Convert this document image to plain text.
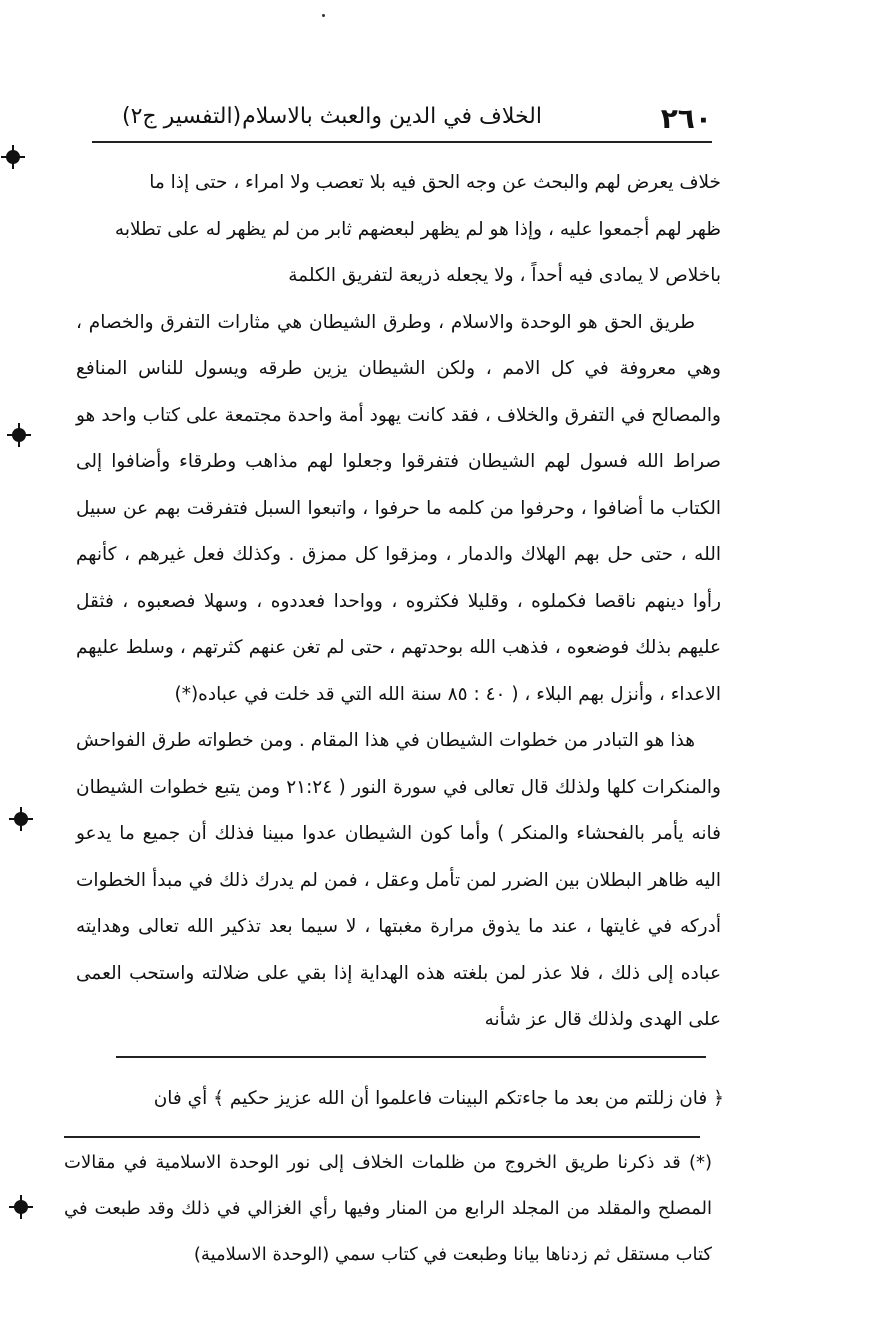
٢٦٠
الخلاف في الدين والعبث بالاسلام
(التفسير ج٢)

خلاف يعرض لهم والبحث عن وجه الحق فيه بلا تعصب ولا امراء ، حتى إذا ما

ظهر لهم أجمعوا عليه ، وإذا هو لم يظهر لبعضهم ثابر من لم يظهر له على تطلابه

باخلاص لا يمادى فيه أحداً ، ولا يجعله ذريعة لتفريق الكلمة

طريق الحق هو الوحدة والاسلام ، وطرق الشيطان هي مثارات التفرق والخصام ، وهي معروفة في كل الامم ، ولكن الشيطان يزين طرقه ويسول للناس المنافع والمصالح في التفرق والخلاف ، فقد كانت يهود أمة واحدة مجتمعة على كتاب واحد هو صراط الله فسول لهم الشيطان فتفرقوا وجعلوا لهم مذاهب وطرقاء وأضافوا إلى الكتاب ما أضافوا ، وحرفوا من كلمه ما حرفوا ، واتبعوا السبل فتفرقت بهم عن سبيل الله ، حتى حل بهم الهلاك والدمار ، ومزقوا كل ممزق . وكذلك فعل غيرهم ، كأنهم رأوا دينهم ناقصا فكملوه ، وقليلا فكثروه ، وواحدا فعددوه ، وسهلا فصعبوه ، فثقل عليهم بذلك فوضعوه ، فذهب الله بوحدتهم ، حتى لم تغن عنهم كثرتهم ، وسلط عليهم الاعداء ، وأنزل بهم البلاء ، ( ٤٠ : ٨٥ سنة الله التي قد خلت في عباده(*)

هذا هو التبادر من خطوات الشيطان في هذا المقام . ومن خطواته طرق الفواحش والمنكرات كلها ولذلك قال تعالى في سورة النور ( ٢١:٢٤ ومن يتبع خطوات الشيطان فانه يأمر بالفحشاء والمنكر ) وأما كون الشيطان عدوا مبينا فذلك أن جميع ما يدعو اليه ظاهر البطلان بين الضرر لمن تأمل وعقل ، فمن لم يدرك ذلك في مبدأ الخطوات أدركه في غايتها ، عند ما يذوق مرارة مغبتها ، لا سيما بعد تذكير الله تعالى وهدايته عباده إلى ذلك ، فلا عذر لمن بلغته هذه الهداية إذا بقي على ضلالته واستحب العمى على الهدى ولذلك قال عز شأنه

﴿ فان زللتم من بعد ما جاءتكم البينات فاعلموا أن الله عزيز حكيم ﴾ أي فان

(*) قد ذكرنا طريق الخروج من ظلمات الخلاف إلى نور الوحدة الاسلامية في مقالات المصلح والمقلد من المجلد الرابع من المنار وفيها رأي الغزالي في ذلك وقد طبعت في كتاب مستقل ثم زدناها بيانا وطبعت في كتاب سمي (الوحدة الاسلامية)
